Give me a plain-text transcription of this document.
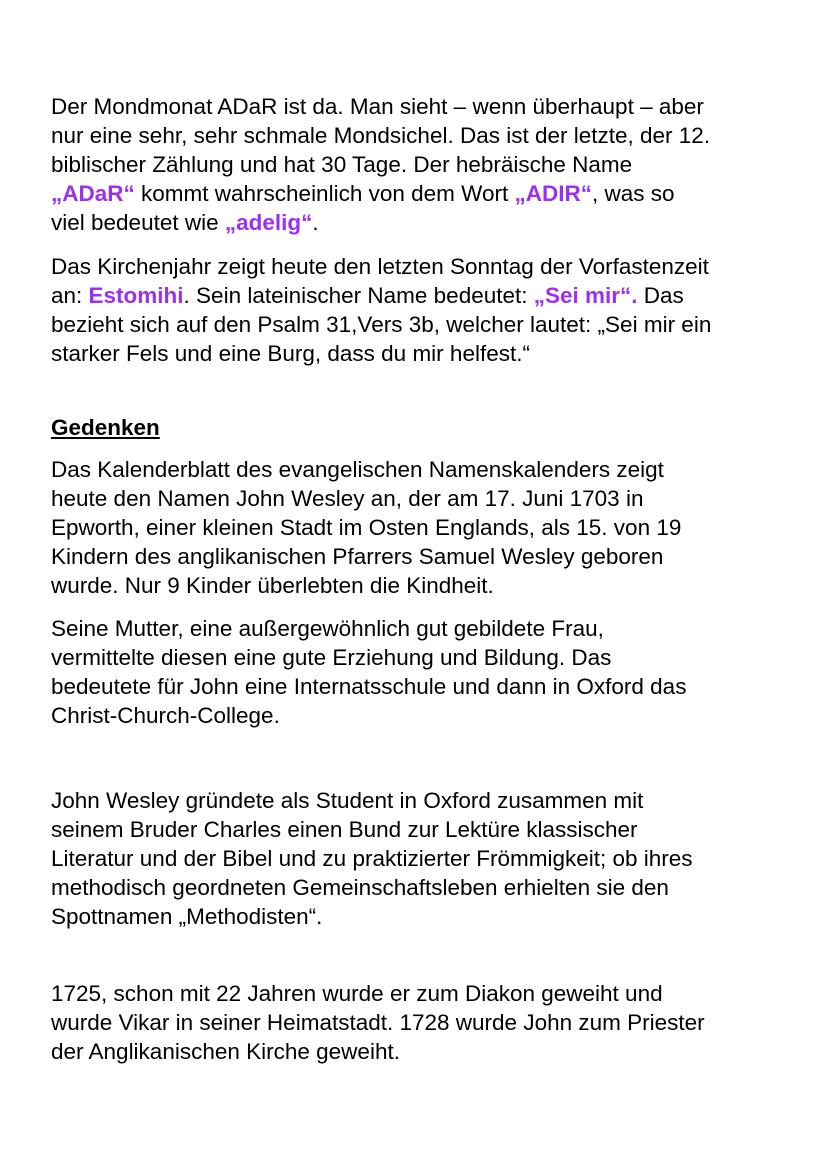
Der Mondmonat ADaR ist da. Man sieht – wenn überhaupt – aber
nur eine sehr, sehr schmale Mondsichel. Das ist der letzte, der 12.
biblischer Zählung und hat 30 Tage. Der hebräische Name
„ADaR“ kommt wahrscheinlich von dem Wort „ADIR“, was so
viel bedeutet wie „adelig“.

Das Kirchenjahr zeigt heute den letzten Sonntag der Vorfastenzeit
an: Estomihi. Sein lateinischer Name bedeutet: „Sei mir“. Das
bezieht sich auf den Psalm 31,Vers 3b, welcher lautet: „Sei mir ein
starker Fels und eine Burg, dass du mir helfest.“

Gedenken

Das Kalenderblatt des evangelischen Namenskalenders zeigt
heute den Namen John Wesley an, der am 17. Juni 1703 in
Epworth, einer kleinen Stadt im Osten Englands, als 15. von 19
Kindern des anglikanischen Pfarrers Samuel Wesley geboren
wurde. Nur 9 Kinder überlebten die Kindheit.

Seine Mutter, eine außergewöhnlich gut gebildete Frau,
vermittelte diesen eine gute Erziehung und Bildung. Das
bedeutete für John eine Internatsschule und dann in Oxford das
Christ-Church-College.

John Wesley gründete als Student in Oxford zusammen mit
seinem Bruder Charles einen Bund zur Lektüre klassischer
Literatur und der Bibel und zu praktizierter Frömmigkeit; ob ihres
methodisch geordneten Gemeinschaftsleben erhielten sie den
Spottnamen „Methodisten“.

1725, schon mit 22 Jahren wurde er zum Diakon geweiht und
wurde Vikar in seiner Heimatstadt. 1728 wurde John zum Priester
der Anglikanischen Kirche geweiht.
